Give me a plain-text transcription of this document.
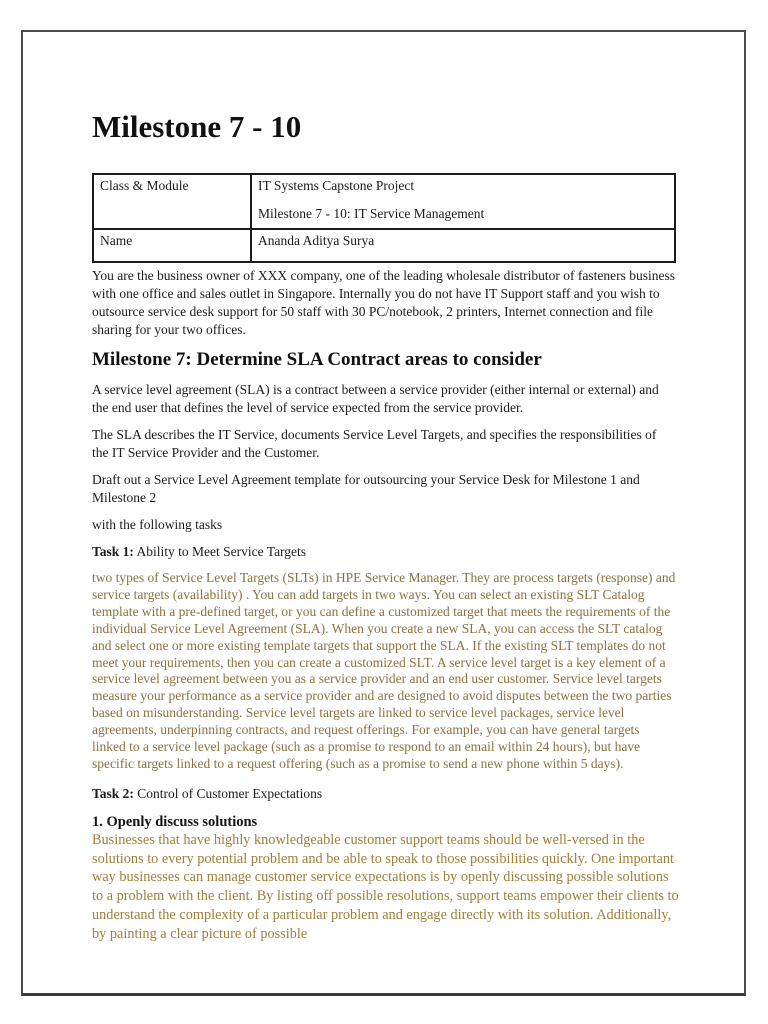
Milestone 7 - 10
Class & Module	IT Systems Capstone Project

Milestone 7 - 10: IT Service Management

Name	Ananda Aditya Surya

You are the business owner of XXX company, one of the leading wholesale distributor of fasteners business with one office and sales outlet in Singapore. Internally you do not have IT Support staff and you wish to outsource service desk support for 50 staff with 30 PC/notebook, 2 printers, Internet connection and file sharing for your two offices.

Milestone 7: Determine SLA Contract areas to consider

A service level agreement (SLA) is a contract between a service provider (either internal or external) and the end user that defines the level of service expected from the service provider.

The SLA describes the IT Service, documents Service Level Targets, and specifies the responsibilities of the IT Service Provider and the Customer.

Draft out a Service Level Agreement template for outsourcing your Service Desk for Milestone 1 and Milestone 2

with the following tasks

Task 1: Ability to Meet Service Targets

two types of Service Level Targets (SLTs) in HPE Service Manager. They are process targets (response) and service targets (availability) . You can add targets in two ways. You can select an existing SLT Catalog template with a pre-defined target, or you can define a customized target that meets the requirements of the individual Service Level Agreement (SLA). When you create a new SLA, you can access the SLT catalog and select one or more existing template targets that support the SLA. If the existing SLT templates do not meet your requirements, then you can create a customized SLT. A service level target is a key element of a service level agreement between you as a service provider and an end user customer. Service level targets measure your performance as a service provider and are designed to avoid disputes between the two parties based on misunderstanding. Service level targets are linked to service level packages, service level agreements, underpinning contracts, and request offerings. For example, you can have general targets linked to a service level package (such as a promise to respond to an email within 24 hours), but have specific targets linked to a request offering (such as a promise to send a new phone within 5 days).

Task 2: Control of Customer Expectations

1. Openly discuss solutions

Businesses that have highly knowledgeable customer support teams should be well-versed in the solutions to every potential problem and be able to speak to those possibilities quickly. One important way businesses can manage customer service expectations is by openly discussing possible solutions to a problem with the client. By listing off possible resolutions, support teams empower their clients to understand the complexity of a particular problem and engage directly with its solution. Additionally, by painting a clear picture of possible
